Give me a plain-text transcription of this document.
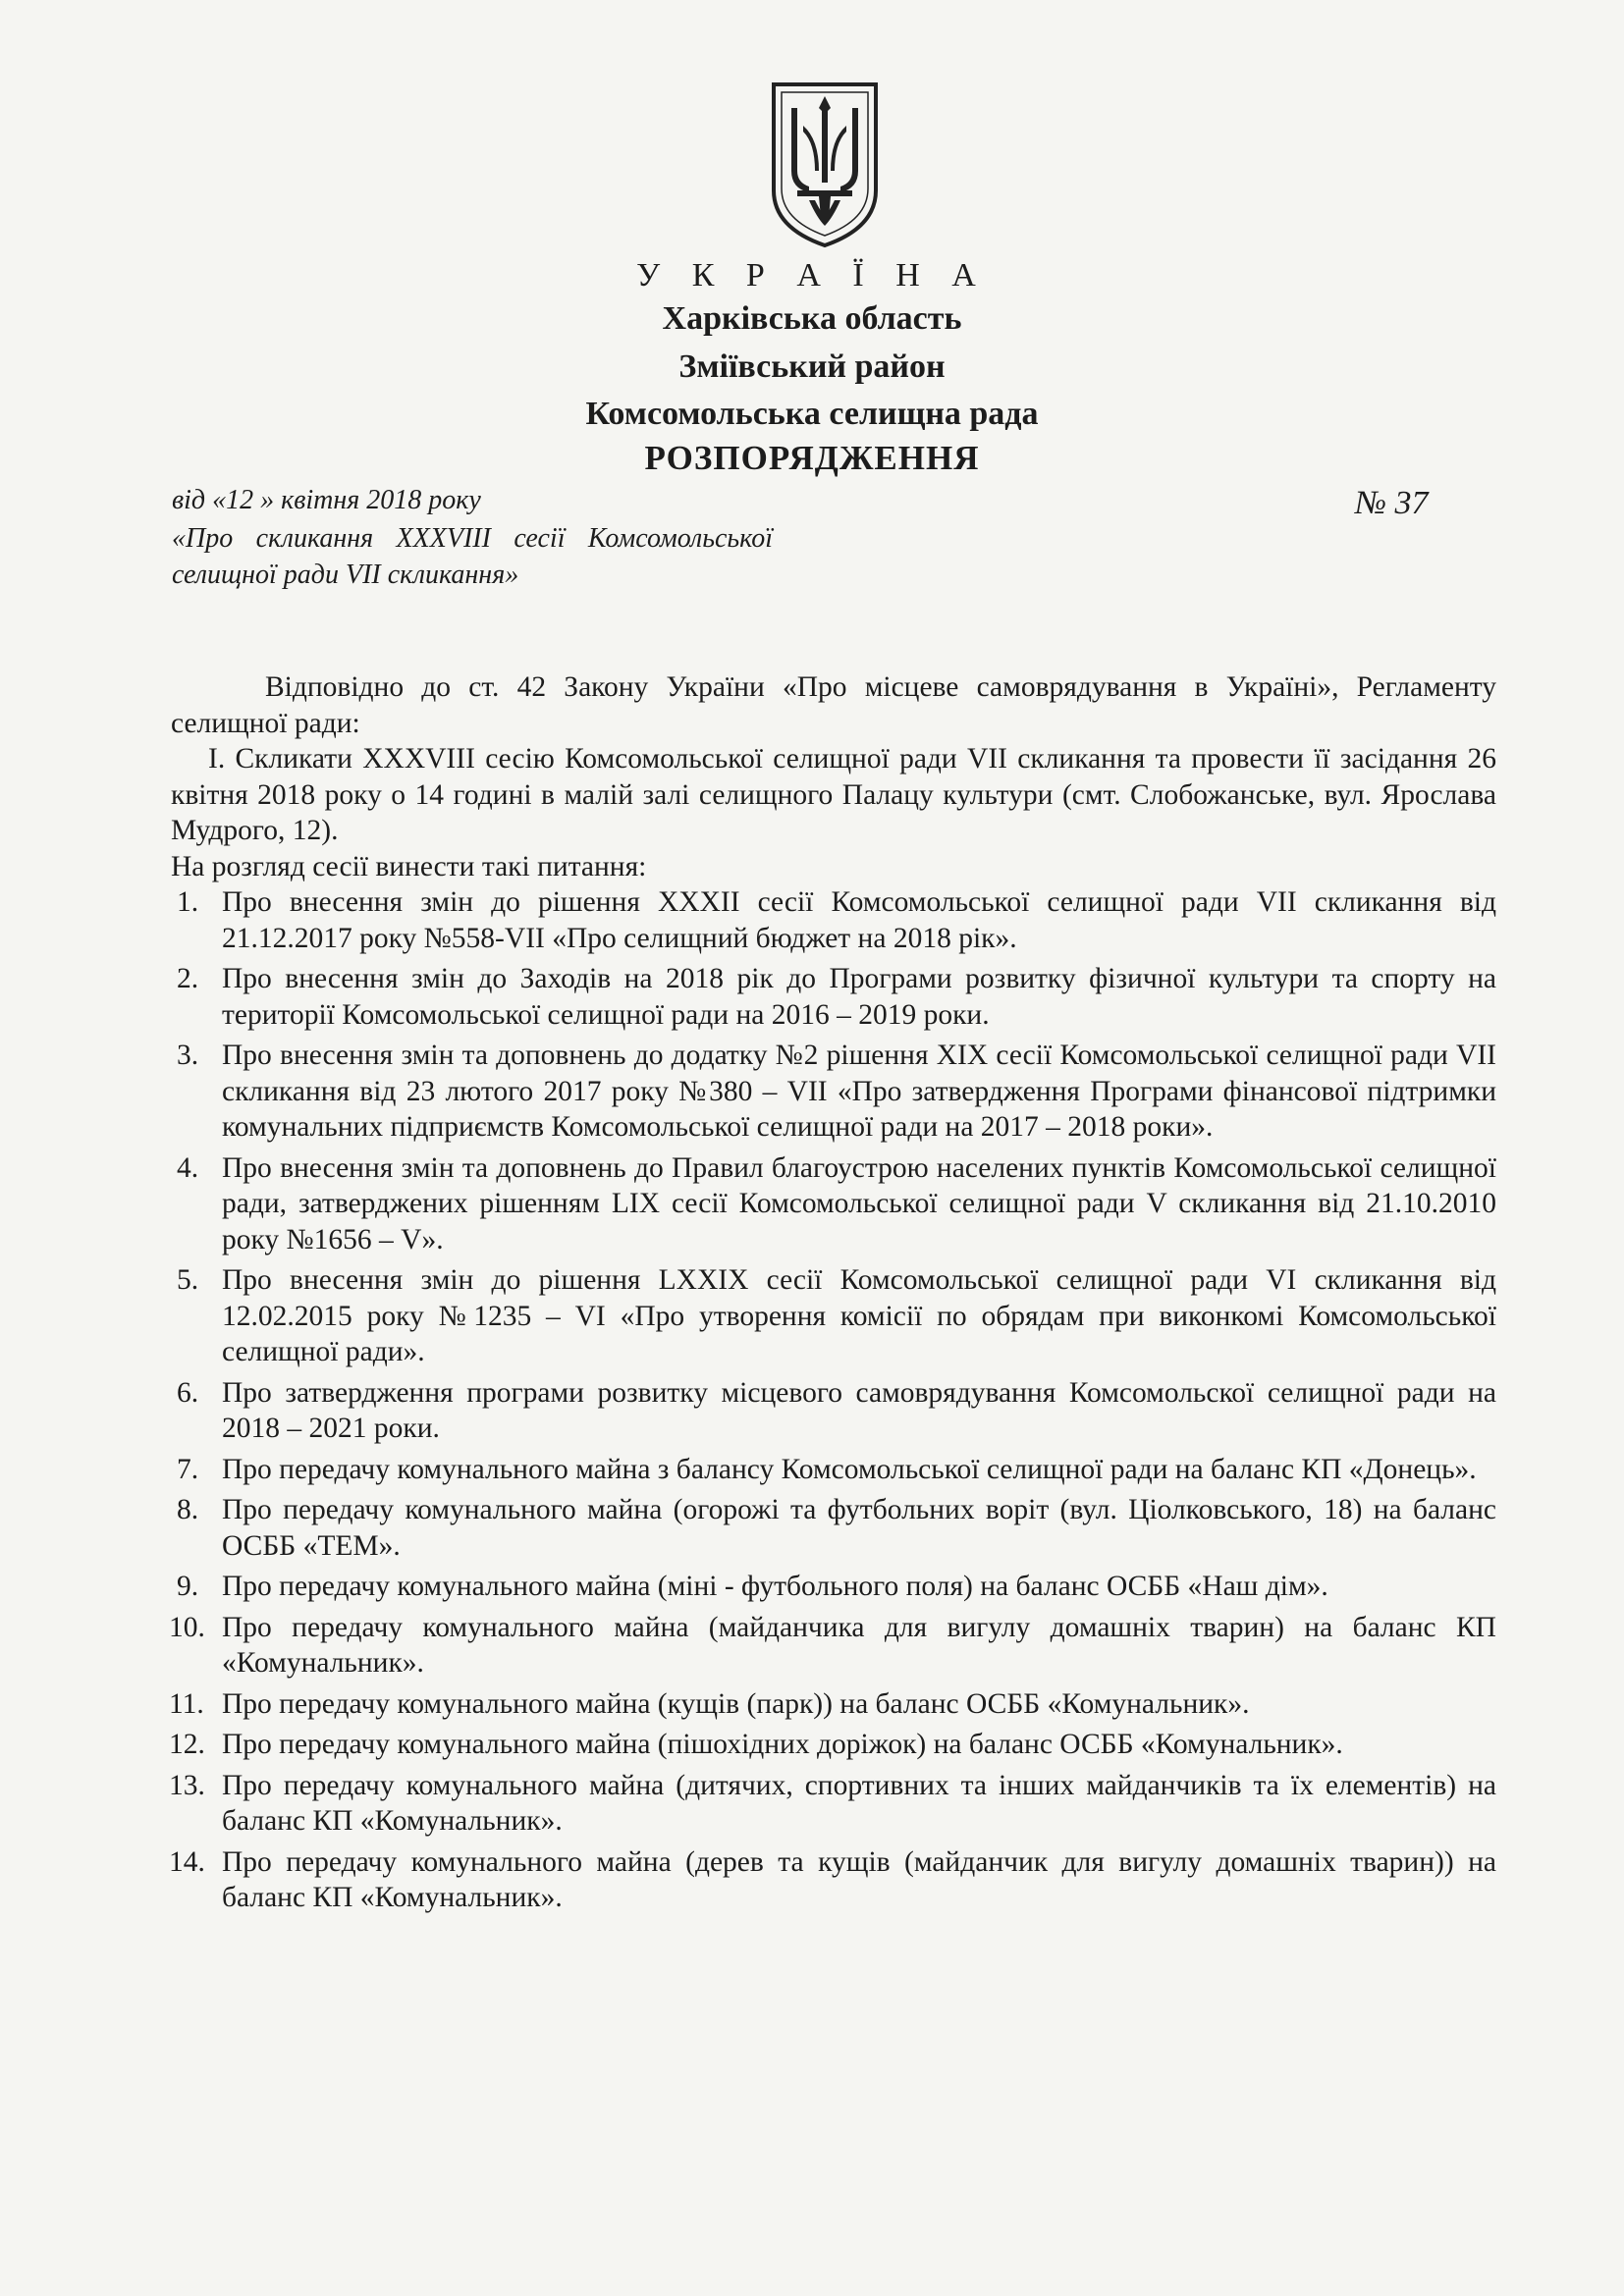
У К Р А Ї Н А
Харківська область
Зміївський район
Комсомольська селищна рада
РОЗПОРЯДЖЕННЯ
від «12 » квітня 2018 року	№ 37
«Про скликання XXXVIII сесії Комсомольської селищної ради VII скликання»

Відповідно до ст. 42 Закону України «Про місцеве самоврядування в Україні», Регламенту селищної ради:

І. Скликати XXXVIII сесію Комсомольської селищної ради VII скликання та провести її засідання 26 квітня 2018 року о 14 годині в малій залі селищного Палацу культури (смт. Слобожанське, вул. Ярослава Мудрого, 12).

На розгляд сесії винести такі питання:

1. Про внесення змін до рішення XXXII сесії Комсомольської селищної ради VII скликання від 21.12.2017 року №558-VII «Про селищний бюджет на 2018 рік».
2. Про внесення змін до Заходів на 2018 рік до Програми розвитку фізичної культури та спорту на території Комсомольської селищної ради на 2016 – 2019 роки.
3. Про внесення змін та доповнень до додатку №2 рішення XIX сесії Комсомольської селищної ради VII скликання від 23 лютого 2017 року №380 – VII «Про затвердження Програми фінансової підтримки комунальних підприємств Комсомольської селищної ради на 2017 – 2018 роки».
4. Про внесення змін та доповнень до Правил благоустрою населених пунктів Комсомольської селищної ради, затверджених рішенням LIX сесії Комсомольської селищної ради V скликання від 21.10.2010 року №1656 – V».
5. Про внесення змін до рішення LXXIX сесії Комсомольської селищної ради VI скликання від 12.02.2015 року №1235 – VI «Про утворення комісії по обрядам при виконкомі Комсомольської селищної ради».
6. Про затвердження програми розвитку місцевого самоврядування Комсомольскої селищної ради на 2018 – 2021 роки.
7. Про передачу комунального майна з балансу Комсомольської селищної ради на баланс КП «Донець».
8. Про передачу комунального майна (огорожі та футбольних воріт (вул. Ціолковського, 18) на баланс ОСББ «ТЕМ».
9. Про передачу комунального майна (міні - футбольного поля) на баланс ОСББ «Наш дім».
10. Про передачу комунального майна (майданчика для вигулу домашніх тварин) на баланс КП «Комунальник».
11. Про передачу комунального майна (кущів (парк)) на баланс ОСББ «Комунальник».
12. Про передачу комунального майна (пішохідних доріжок) на баланс ОСББ «Комунальник».
13. Про передачу комунального майна (дитячих, спортивних та інших майданчиків та їх елементів) на баланс КП «Комунальник».
14. Про передачу комунального майна (дерев та кущів (майданчик для вигулу домашніх тварин)) на баланс КП «Комунальник».
